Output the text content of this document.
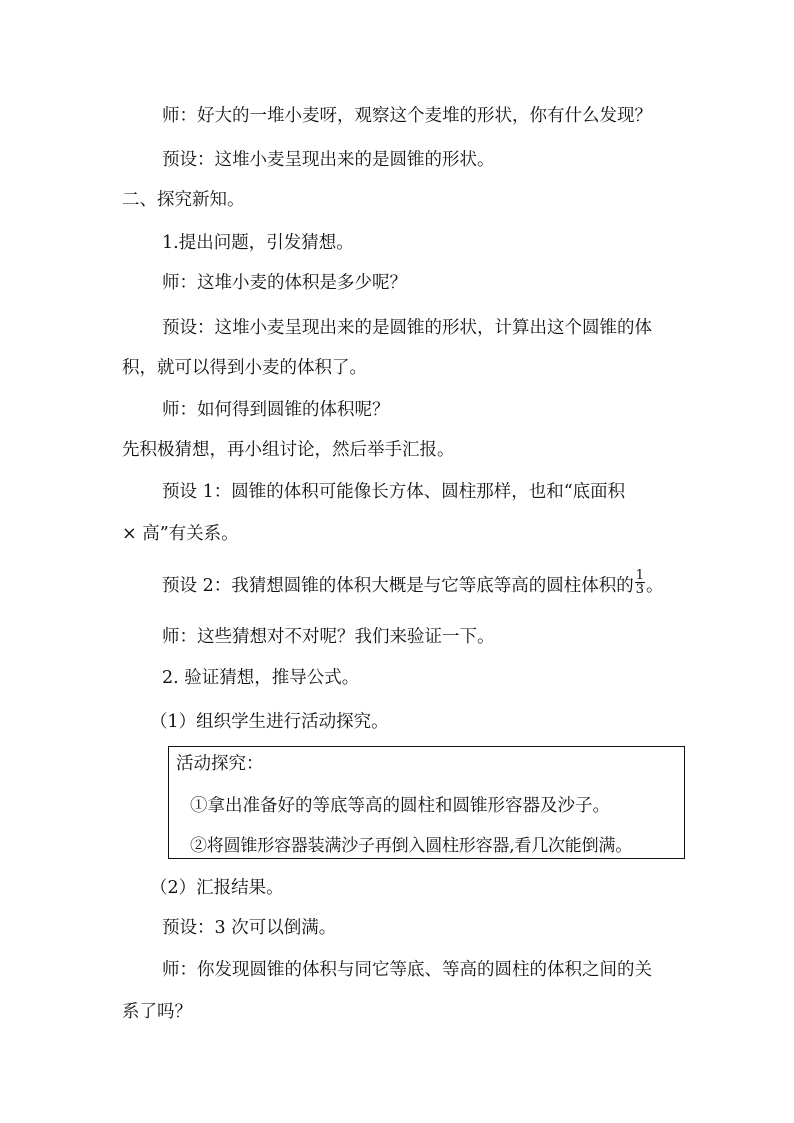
师：好大的一堆小麦呀，观察这个麦堆的形状，你有什么发现？
预设：这堆小麦呈现出来的是圆锥的形状。
二、探究新知。
1.提出问题，引发猜想。
师：这堆小麦的体积是多少呢？
预设：这堆小麦呈现出来的是圆锥的形状，计算出这个圆锥的体
积，就可以得到小麦的体积了。
师：如何得到圆锥的体积呢？
先积极猜想，再小组讨论，然后举手汇报。
预设 1：圆锥的体积可能像长方体、圆柱那样，也和“底面积
× 高”有关系。
预设 2：我猜想圆锥的体积大概是与它等底等高的圆柱体积的 $\frac{1}{3}$ 。
师：这些猜想对不对呢？我们来验证一下。
2. 验证猜想，推导公式。
（1）组织学生进行活动探究。
活动探究：
①拿出准备好的等底等高的圆柱和圆锥形容器及沙子。
②将圆锥形容器装满沙子再倒入圆柱形容器,看几次能倒满。
（2）汇报结果。
预设：3 次可以倒满。
师：你发现圆锥的体积与同它等底、等高的圆柱的体积之间的关
系了吗？
